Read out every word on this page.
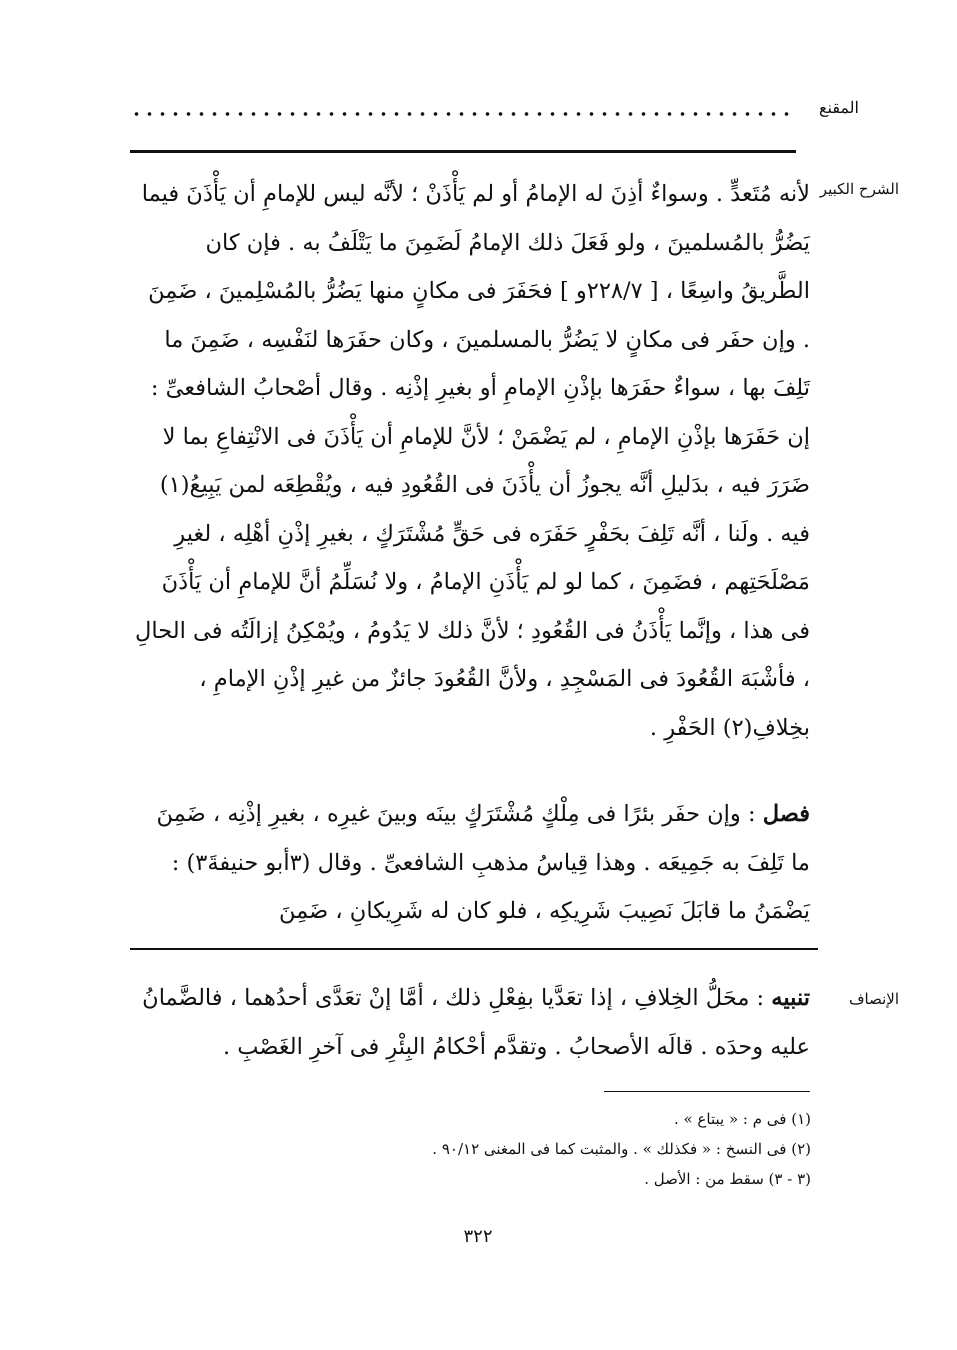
المقنع
الشرح الكبير

لأنه مُتَعدٍّ . وسواءٌ أذِنَ له الإمامُ أو لم يَأْذَنْ ؛ لأنَّه ليس للإمامِ أن يَأْذَنَ فيما يَضُرُّ بالمُسلمينَ ، ولو فَعَلَ ذلك الإمامُ لَضَمِنَ ما يَتْلَفُ به . فإن كان الطَّريقُ واسِعًا ، [ ٢٢٨/٧و ] فحَفَرَ فى مكانٍ منها يَضُرُّ بالمُسْلِمينَ ، ضَمِنَ . وإن حفَر فى مكانٍ لا يَضُرُّ بالمسلمينَ ، وكان حفَرَها لنَفْسِه ، ضَمِنَ ما تَلِفَ بها ، سواءٌ حفَرَها بإذْنِ الإمامِ أو بغيرِ إذْنِه . وقال أصْحابُ الشافعىِّ : إن حَفَرَها بإذْنِ الإمامِ ، لم يَضْمَنْ ؛ لأنَّ للإمامِ أن يَأْذَنَ فى الانْتِفاعِ بما لا ضَرَرَ فيه ، بدَليلِ أنَّه يجوزُ أن يأْذَنَ فى القُعُودِ فيه ، ويُقْطِعَه لمن يَبِيعُ(١) فيه . ولَنا ، أنَّه تَلِفَ بحَفْرٍ حَفَرَه فى حَقٍّ مُشْتَرَكٍ ، بغيرِ إذْنِ أهْلِه ، لغيرِ مَصْلَحَتِهم ، فضَمِنَ ، كما لو لم يَأْذَنِ الإمامُ ، ولا نُسَلِّمُ أنَّ للإمامِ أن يَأْذَنَ فى هذا ، وإنَّما يَأْذَنُ فى القُعُودِ ؛ لأنَّ ذلك لا يَدُومُ ، ويُمْكِنُ إزالَتُه فى الحالِ ، فأشْبَهَ القُعُودَ فى المَسْجِدِ ، ولأنَّ القُعُودَ جائزٌ من غيرِ إذْنِ الإمامِ ، بخِلافِ(٢) الحَفْرِ .

فصل : وإن حفَر بئرًا فى مِلْكٍ مُشْتَرَكٍ بينَه وبينَ غيرِه ، بغيرِ إذْنِه ، ضَمِنَ ما تَلِفَ به جَمِيعَه . وهذا قِياسُ مذهبِ الشافعىِّ . وقال (٣أبو حنيفةَ٣) : يَضْمَنُ ما قابَلَ نَصِيبَ شَرِيكِه ، فلو كان له شَرِيكانِ ، ضَمِنَ

الإنصاف

تنبيه : محَلُّ الخِلافِ ، إذا تعَدَّيا بفِعْلِ ذلك ، أمَّا إنْ تعَدَّى أحدُهما ، فالضَّمانُ عليه وحدَه . قالَه الأصحابُ . وتقدَّم أحْكامُ البِئْرِ فى آخرِ الغَصْبِ .

(١) فى م : « يبتاع » .
(٢) فى النسخ : « فكذلك » . والمثبت كما فى المغنى ٩٠/١٢ .
(٣ - ٣) سقط من : الأصل .
٣٢٢
